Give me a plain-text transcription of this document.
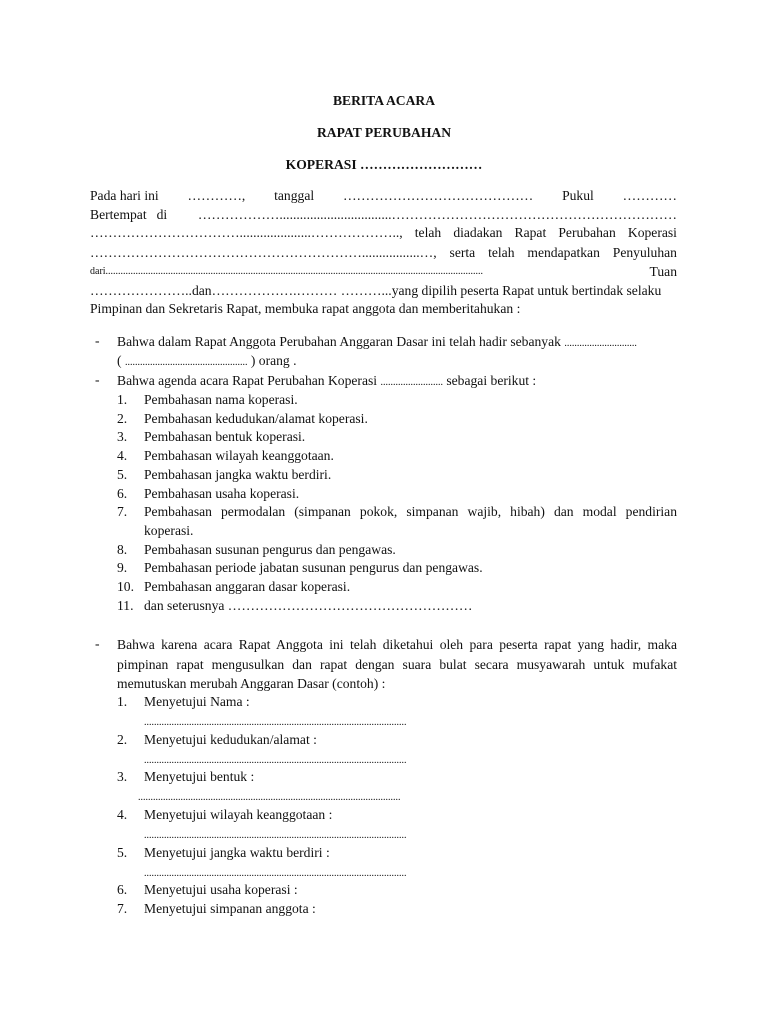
BERITA ACARA
RAPAT PERUBAHAN
KOPERASI ………………………
Pada hari ini …………, tanggal …………………………………… Pukul …………
Bertempat di ……………….................................………………………………………………………
…………………………….....................……………….., telah diadakan Rapat Perubahan Koperasi
…………………………………………………….................…, serta telah mendapatkan Penyuluhan
dari.......................................................................................................................................................	Tuan
…………………..dan……………….……… ………...yang dipilih peserta Rapat untuk bertindak selaku
Pimpinan dan Sekretaris Rapat, membuka rapat anggota dan memberitahukan :
- Bahwa dalam Rapat Anggota Perubahan Anggaran Dasar ini telah hadir sebanyak .............................
( ................................................. ) orang .
- Bahwa agenda acara Rapat Perubahan Koperasi ......................... sebagai berikut :
1.	Pembahasan nama koperasi.
2.	Pembahasan kedudukan/alamat koperasi.
3.	Pembahasan bentuk koperasi.
4.	Pembahasan wilayah keanggotaan.
5.	Pembahasan jangka waktu berdiri.
6.	Pembahasan usaha koperasi.
7.	Pembahasan permodalan (simpanan pokok, simpanan wajib, hibah) dan modal pendirian koperasi.
8.	Pembahasan susunan pengurus dan pengawas.
9.	Pembahasan periode jabatan susunan pengurus dan pengawas.
10. Pembahasan anggaran dasar koperasi.
11. dan seterusnya ………………………………………………
- Bahwa karena acara Rapat Anggota ini telah diketahui oleh para peserta rapat yang hadir, maka pimpinan rapat mengusulkan dan rapat dengan suara bulat secara musyawarah untuk mufakat memutuskan merubah Anggaran Dasar (contoh) :
1.	Menyetujui Nama :
.........................................................................................................
2.	Menyetujui kedudukan/alamat :
.........................................................................................................
3.	Menyetujui bentuk :
.........................................................................................................
4.	Menyetujui wilayah keanggotaan :
.........................................................................................................
5.	Menyetujui jangka waktu berdiri :
.........................................................................................................
6.	Menyetujui usaha koperasi :
7.	Menyetujui simpanan anggota :
